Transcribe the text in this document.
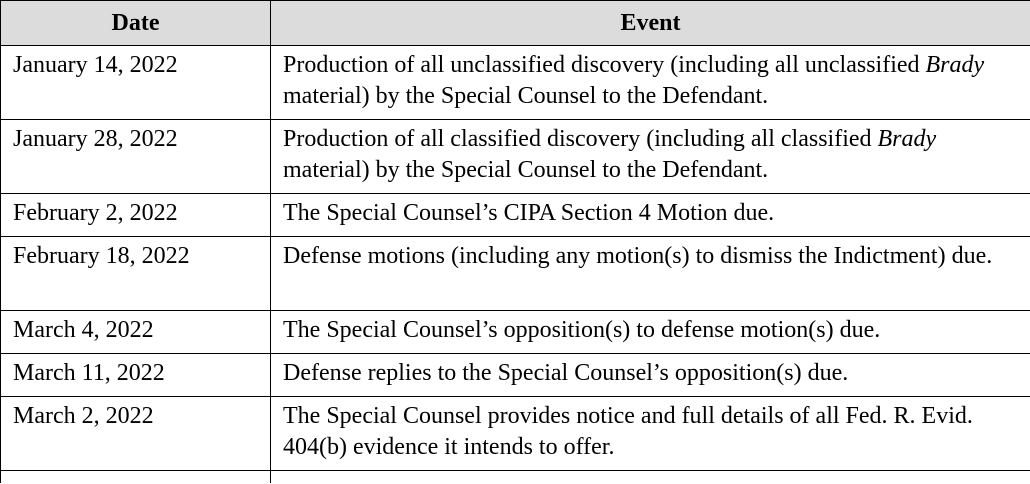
Date	Event
January 14, 2022	Production of all unclassified discovery (including all unclassified Brady material) by the Special Counsel to the Defendant.
January 28, 2022	Production of all classified discovery (including all classified Brady material) by the Special Counsel to the Defendant.
February 2, 2022	The Special Counsel’s CIPA Section 4 Motion due.
February 18, 2022	Defense motions (including any motion(s) to dismiss the Indictment) due.
March 4, 2022	The Special Counsel’s opposition(s) to defense motion(s) due.
March 11, 2022	Defense replies to the Special Counsel’s opposition(s) due.
March 2, 2022	The Special Counsel provides notice and full details of all Fed. R. Evid. 404(b) evidence it intends to offer.
